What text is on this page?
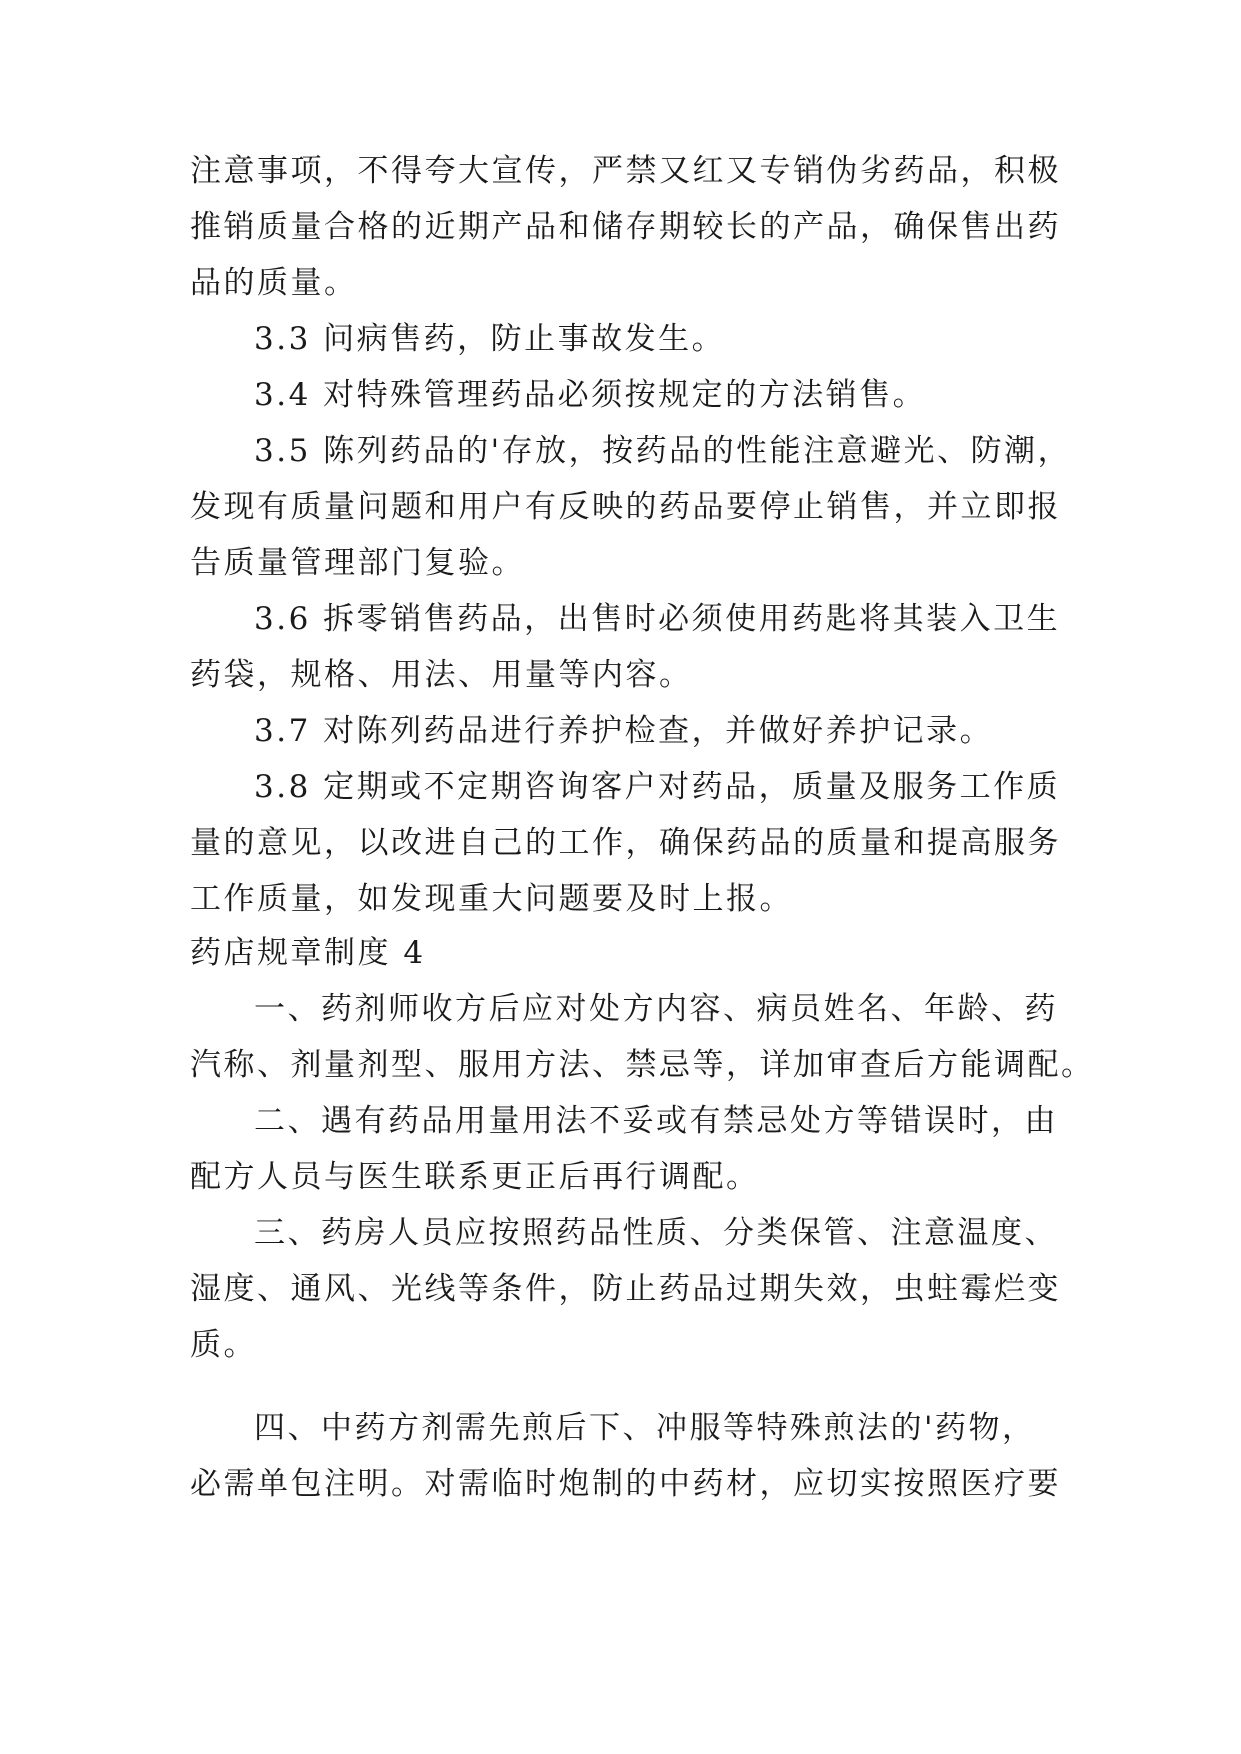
注意事项，不得夸大宣传，严禁又红又专销伪劣药品，积极
推销质量合格的近期产品和储存期较长的产品，确保售出药
品的质量。
3.3 问病售药，防止事故发生。
3.4 对特殊管理药品必须按规定的方法销售。
3.5 陈列药品的'存放，按药品的性能注意避光、防潮，
发现有质量问题和用户有反映的药品要停止销售，并立即报
告质量管理部门复验。
3.6 拆零销售药品，出售时必须使用药匙将其装入卫生
药袋，规格、用法、用量等内容。
3.7 对陈列药品进行养护检查，并做好养护记录。
3.8 定期或不定期咨询客户对药品，质量及服务工作质
量的意见，以改进自己的工作，确保药品的质量和提高服务
工作质量，如发现重大问题要及时上报。
药店规章制度 4
一、药剂师收方后应对处方内容、病员姓名、年龄、药
汽称、剂量剂型、服用方法、禁忌等，详加审查后方能调配。
二、遇有药品用量用法不妥或有禁忌处方等错误时，由
配方人员与医生联系更正后再行调配。
三、药房人员应按照药品性质、分类保管、注意温度、
湿度、通风、光线等条件，防止药品过期失效，虫蛀霉烂变
质。
四、中药方剂需先煎后下、冲服等特殊煎法的'药物，
必需单包注明。对需临时炮制的中药材，应切实按照医疗要
